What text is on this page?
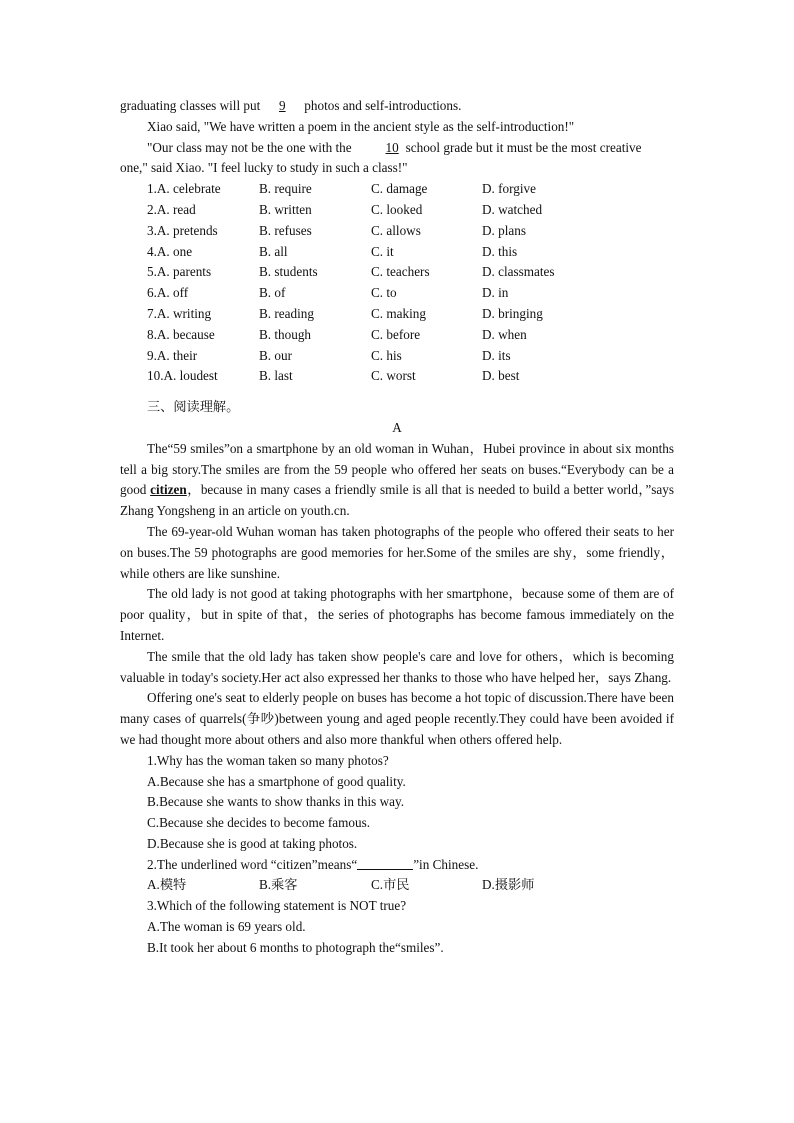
graduating classes will put 9 photos and self-introductions.
Xiao said, "We have written a poem in the ancient style as the self-introduction!"
"Our class may not be the one with the	10 school grade but it must be the most creative
one," said Xiao. "I feel lucky to study in such a class!"
1.A. celebrate	B. require	C. damage	D. forgive
2.A. read	B. written	C. looked	D. watched
3.A. pretends	B. refuses	C. allows	D. plans
4.A. one	B. all	C. it	D. this
5.A. parents	B. students	C. teachers	D. classmates
6.A. off	B. of	C. to	D. in
7.A. writing	B. reading	C. making	D. bringing
8.A. because	B. though	C. before	D. when
9.A. their	B. our	C. his	D. its
10.A. loudest	B. last	C. worst	D. best
三、阅读理解。
A
The“59 smiles”on a smartphone by an old woman in Wuhan，Hubei province in about six months tell a big story.The smiles are from the 59 people who offered her seats on buses.“Everybody can be a good citizen，because in many cases a friendly smile is all that is needed to build a better world，”says Zhang Yongsheng in an article on youth.cn.
The 69-year-old Wuhan woman has taken photographs of the people who offered their seats to her on buses.The 59 photographs are good memories for her.Some of the smiles are shy，some friendly，while others are like sunshine.
The old lady is not good at taking photographs with her smartphone，because some of them are of poor quality，but in spite of that，the series of photographs has become famous immediately on the Internet.
The smile that the old lady has taken show people's care and love for others，which is becoming valuable in today's society.Her act also expressed her thanks to those who have helped her，says Zhang.
Offering one's seat to elderly people on buses has become a hot topic of discussion.There have been many cases of quarrels(争吵)between young and aged people recently.They could have been avoided if we had thought more about others and also more thankful when others offered help.
1.Why has the woman taken so many photos?
A.Because she has a smartphone of good quality.
B.Because she wants to show thanks in this way.
C.Because she decides to become famous.
D.Because she is good at taking photos.
2.The underlined word “citizen”means“	”in Chinese.
A.模特	B.乘客	C.市民	D.摄影师
3.Which of the following statement is NOT true?
A.The woman is 69 years old.
B.It took her about 6 months to photograph the“smiles”.
